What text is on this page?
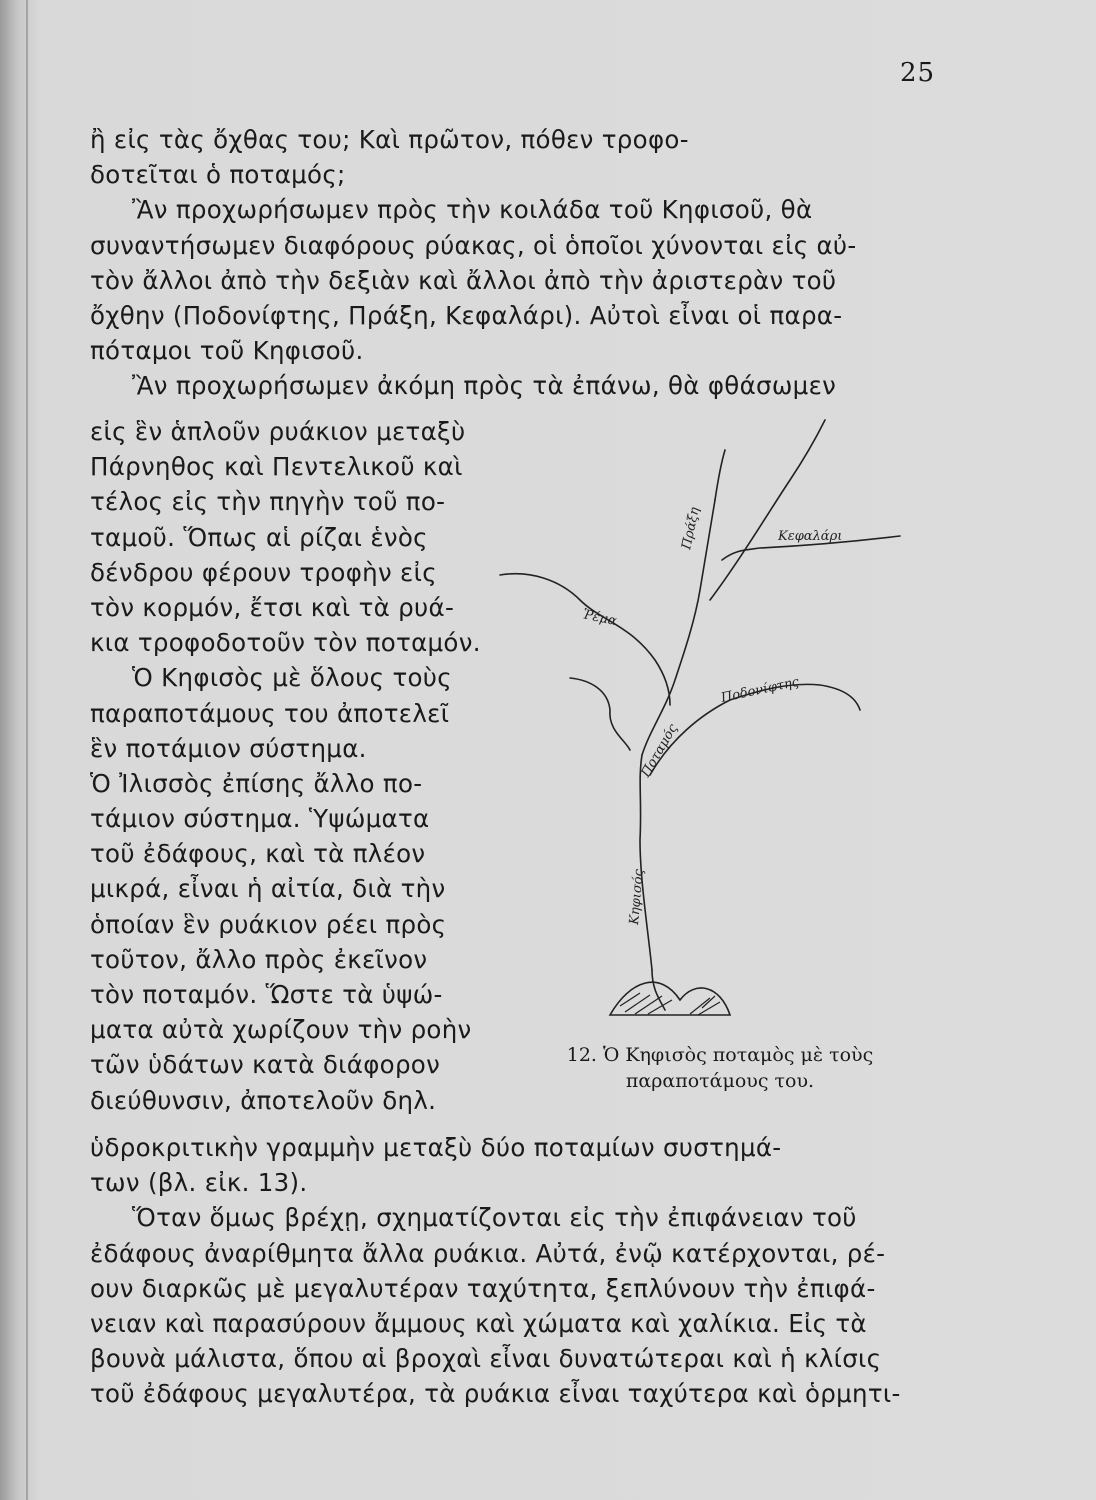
25
ἢ εἰς τὰς ὄχθας του; Καὶ πρῶτον, πόθεν τροφο-
δοτεῖται ὁ ποταμός;
Ἂν προχωρήσωμεν πρὸς τὴν κοιλάδα τοῦ Κηφισοῦ, θὰ
συναντήσωμεν διαφόρους ρύακας, οἱ ὁποῖοι χύνονται εἰς αὐ-
τὸν ἄλλοι ἀπὸ τὴν δεξιὰν καὶ ἄλλοι ἀπὸ τὴν ἀριστερὰν τοῦ
ὄχθην (Ποδονίφτης, Πράξη, Κεφαλάρι). Αὐτοὶ εἶναι οἱ παρα-
πόταμοι τοῦ Κηφισοῦ.
Ἂν προχωρήσωμεν ἀκόμη πρὸς τὰ ἐπάνω, θὰ φθάσωμεν
εἰς ἓν ἁπλοῦν ρυάκιον μεταξὺ
Πάρνηθος καὶ Πεντελικοῦ καὶ
τέλος εἰς τὴν πηγὴν τοῦ πο-
ταμοῦ. Ὅπως αἱ ρίζαι ἑνὸς
δένδρου φέρουν τροφὴν εἰς
τὸν κορμόν, ἔτσι καὶ τὰ ρυά-
κια τροφοδοτοῦν τὸν ποταμόν.
Ὁ Κηφισὸς μὲ ὅλους τοὺς
παραποτάμους του ἀποτελεῖ
ἓν ποτάμιον σύστημα.
Ὁ Ἰλισσὸς ἐπίσης ἄλλο πο-
τάμιον σύστημα. Ὑψώματα
τοῦ ἐδάφους, καὶ τὰ πλέον
μικρά, εἶναι ἡ αἰτία, διὰ τὴν
ὁποίαν ἓν ρυάκιον ρέει πρὸς
τοῦτον, ἄλλο πρὸς ἐκεῖνον
τὸν ποταμόν. Ὥστε τὰ ὑψώ-
ματα αὐτὰ χωρίζουν τὴν ροὴν
τῶν ὑδάτων κατὰ διάφορον
διεύθυνσιν, ἀποτελοῦν δηλ.
Πράξη	Κεφαλάρι
Ῥέμα
Ποταμός
Ποδονίφτης
Κηφισός
12. Ὁ Κηφισὸς ποταμὸς μὲ τοὺς
παραποτάμους του.
ὑδροκριτικὴν γραμμὴν μεταξὺ δύο ποταμίων συστημά-
των (βλ. εἰκ. 13).
Ὅταν ὅμως βρέχῃ, σχηματίζονται εἰς τὴν ἐπιφάνειαν τοῦ
ἐδάφους ἀναρίθμητα ἄλλα ρυάκια. Αὐτά, ἐνῷ κατέρχονται, ρέ-
ουν διαρκῶς μὲ μεγαλυτέραν ταχύτητα, ξεπλύνουν τὴν ἐπιφά-
νειαν καὶ παρασύρουν ἄμμους καὶ χώματα καὶ χαλίκια. Εἰς τὰ
βουνὰ μάλιστα, ὅπου αἱ βροχαὶ εἶναι δυνατώτεραι καὶ ἡ κλίσις
τοῦ ἐδάφους μεγαλυτέρα, τὰ ρυάκια εἶναι ταχύτερα καὶ ὁρμητι-
